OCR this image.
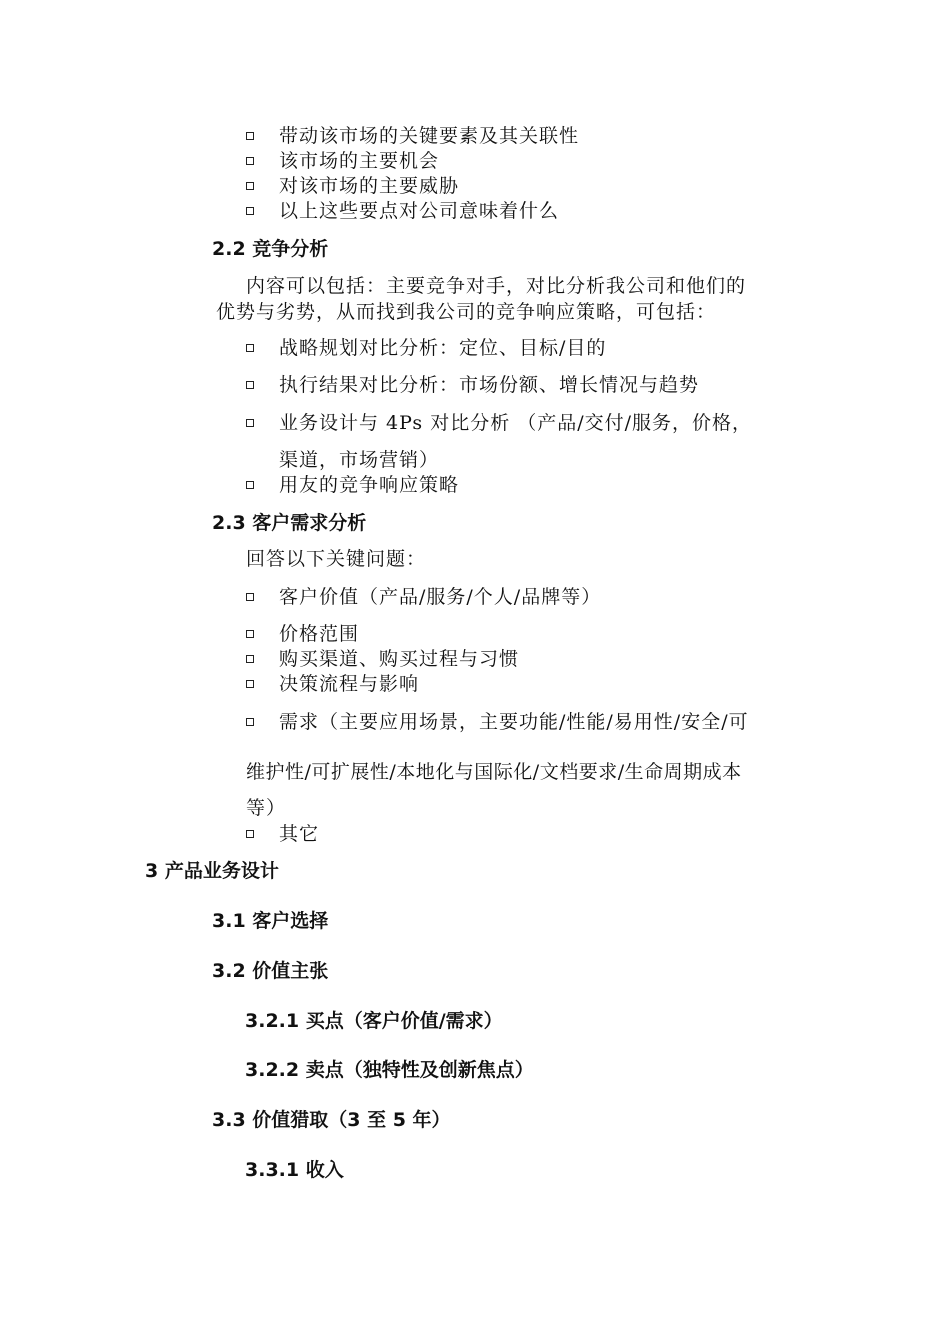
带动该市场的关键要素及其关联性
该市场的主要机会
对该市场的主要威胁
以上这些要点对公司意味着什么
2.2 竞争分析
内容可以包括：主要竞争对手，对比分析我公司和他们的
优势与劣势，从而找到我公司的竞争响应策略，可包括：
战略规划对比分析：定位、目标/目的
执行结果对比分析：市场份额、增长情况与趋势
业务设计与 4Ps 对比分析 （产品/交付/服务，价格，
渠道，市场营销）
用友的竞争响应策略
2.3 客户需求分析
回答以下关键问题：
客户价值（产品/服务/个人/品牌等）
价格范围
购买渠道、购买过程与习惯
决策流程与影响
需求（主要应用场景，主要功能/性能/易用性/安全/可
维护性/可扩展性/本地化与国际化/文档要求/生命周期成本
等）
其它
3 产品业务设计
3.1 客户选择
3.2 价值主张
3.2.1 买点（客户价值/需求）
3.2.2 卖点（独特性及创新焦点）
3.3 价值猎取（3 至 5 年）
3.3.1 收入
